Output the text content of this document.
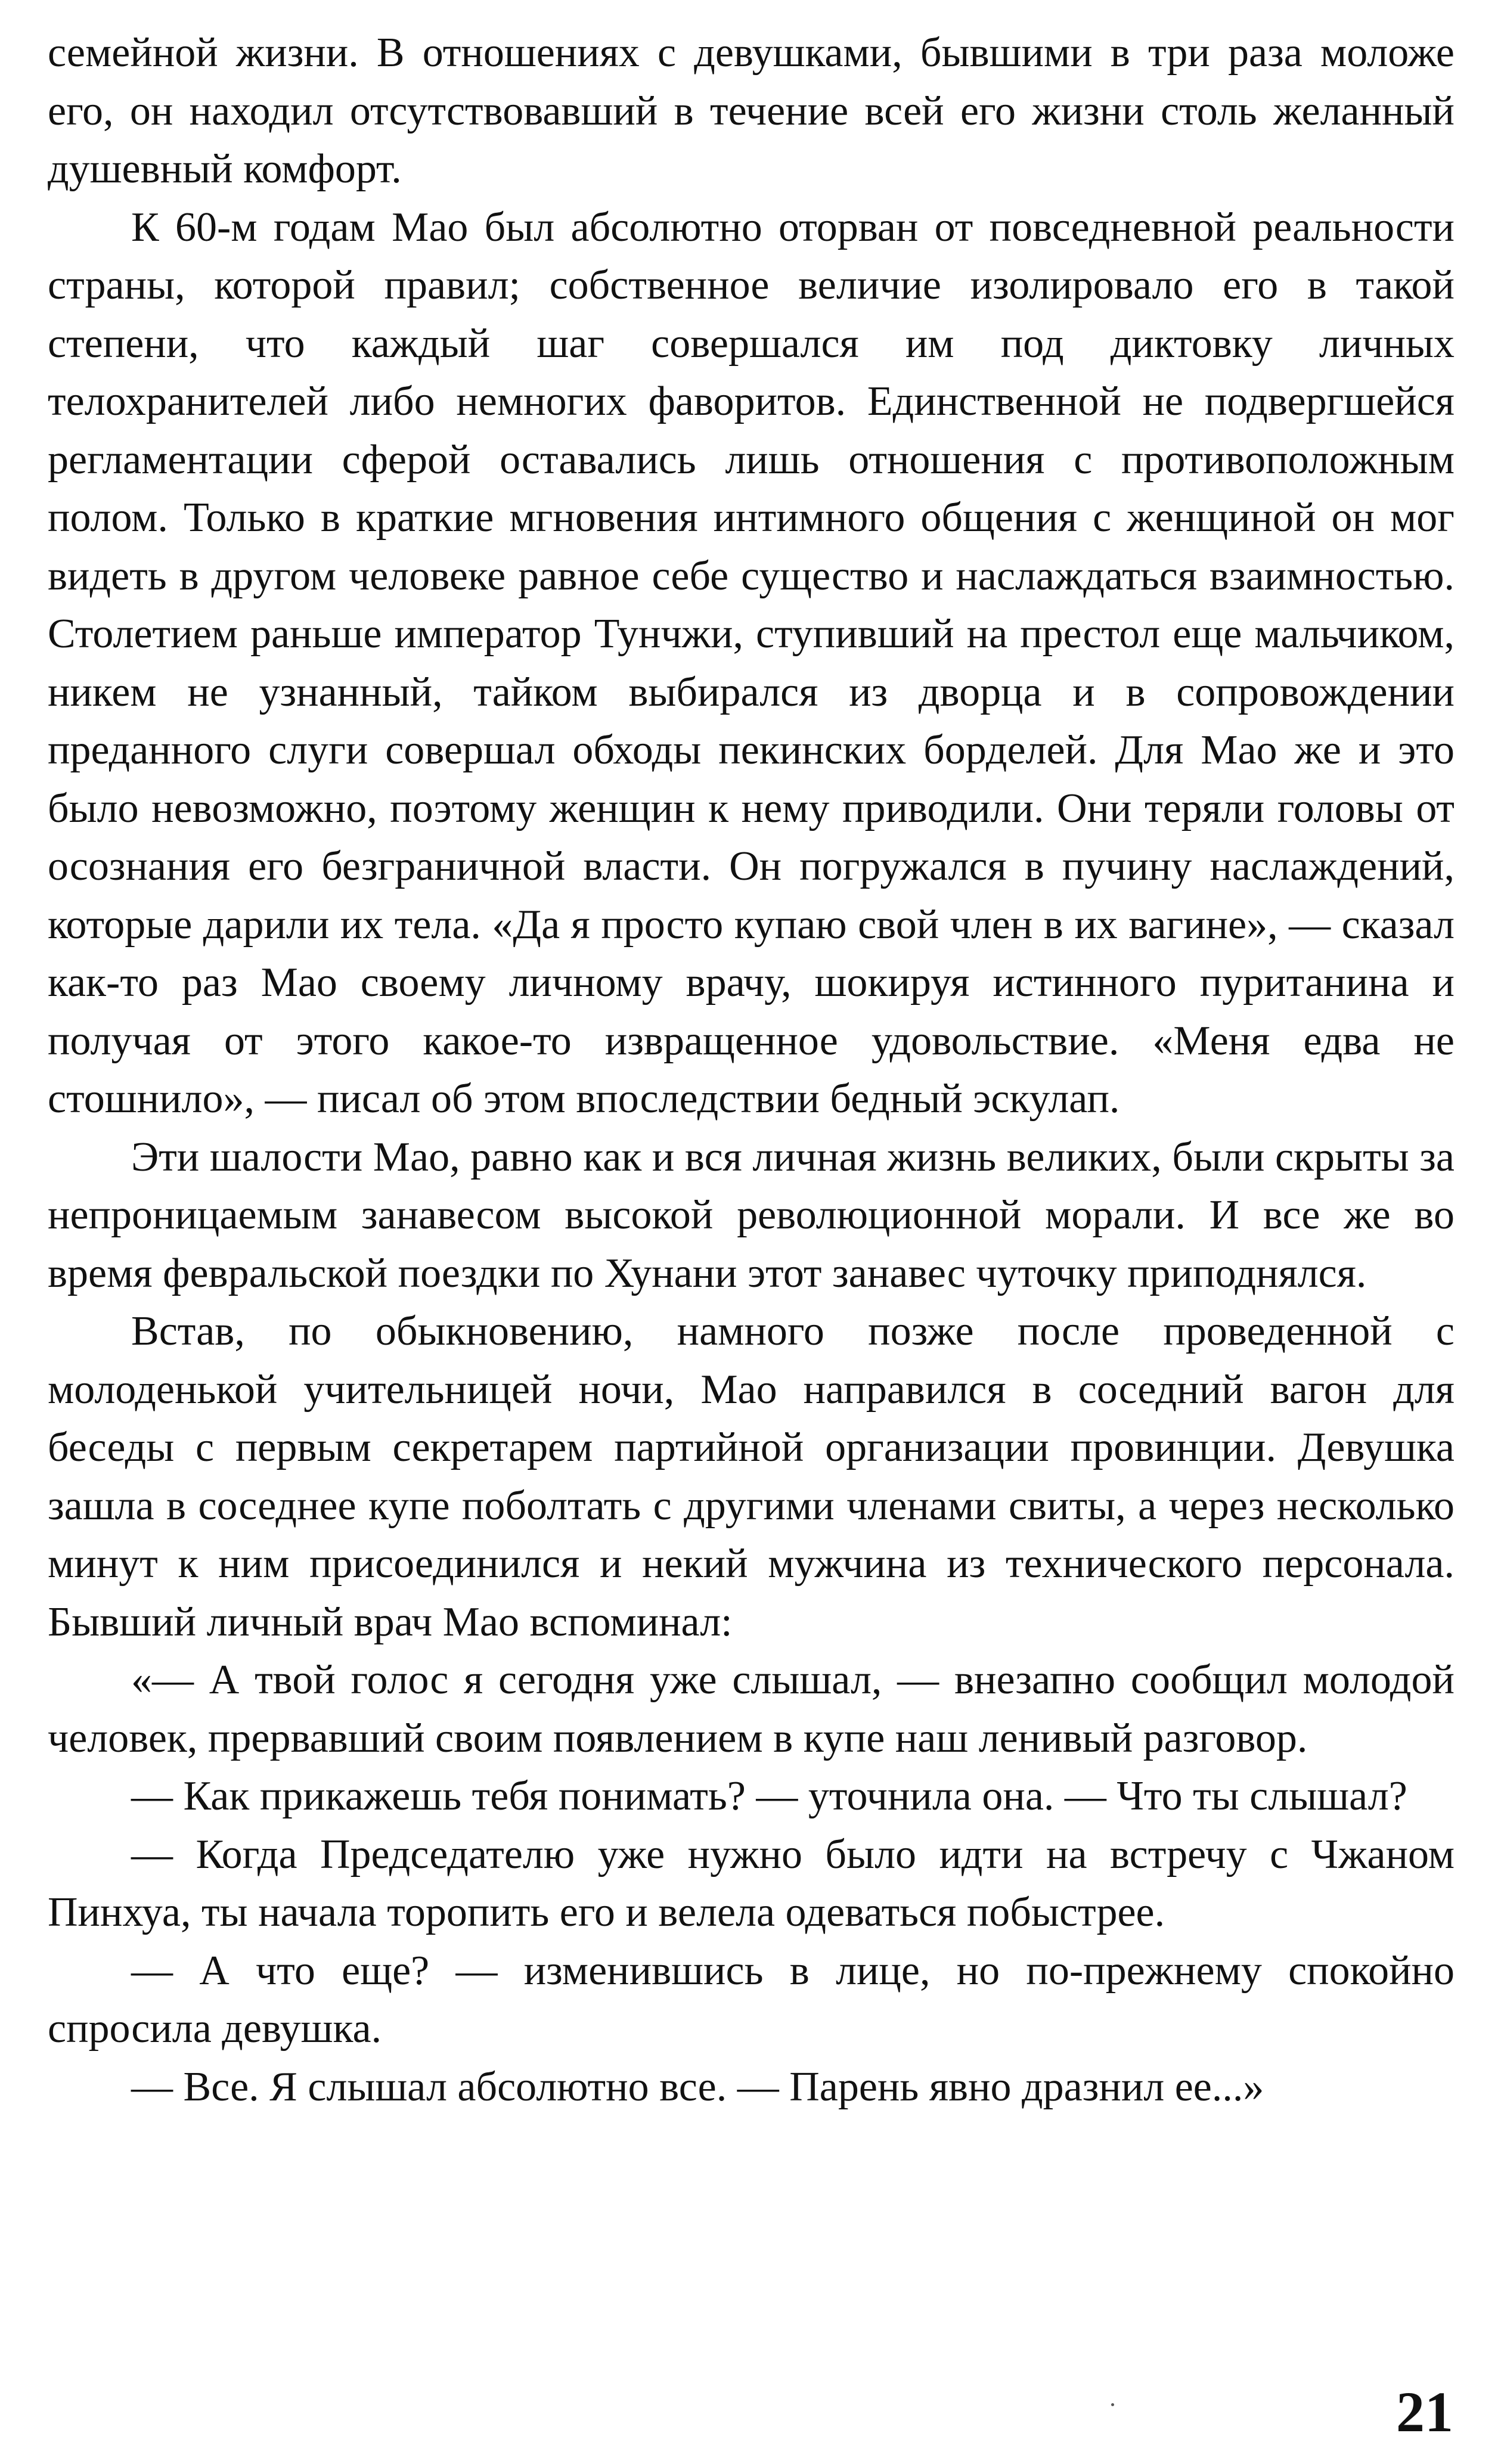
семейной жизни. В отношениях с девушками, бывшими в три раза моложе его, он находил отсутствовавший в течение всей его жизни столь желанный душевный комфорт.

К 60-м годам Мао был абсолютно оторван от повседневной реальности страны, которой правил; собственное величие изолировало его в такой степени, что каждый шаг совершался им под диктовку личных телохранителей либо немногих фаворитов. Единственной не подвергшейся регламентации сферой оставались лишь отношения с противоположным полом. Только в краткие мгновения интимного общения с женщиной он мог видеть в другом человеке равное себе существо и наслаждаться взаимностью. Столетием раньше император Тунчжи, ступивший на престол еще мальчиком, никем не узнанный, тайком выбирался из дворца и в сопровождении преданного слуги совершал обходы пекинских борделей. Для Мао же и это было невозможно, поэтому женщин к нему приводили. Они теряли головы от осознания его безграничной власти. Он погружался в пучину наслаждений, которые дарили их тела. «Да я просто купаю свой член в их вагине», — сказал как-то раз Мао своему личному врачу, шокируя истинного пуританина и получая от этого какое-то извращенное удовольствие. «Меня едва не стошнило», — писал об этом впоследствии бедный эскулап.

Эти шалости Мао, равно как и вся личная жизнь великих, были скрыты за непроницаемым занавесом высокой революционной морали. И все же во время февральской поездки по Хунани этот занавес чуточку приподнялся.

Встав, по обыкновению, намного позже после проведенной с молоденькой учительницей ночи, Мао направился в соседний вагон для беседы с первым секретарем партийной организации провинции. Девушка зашла в соседнее купе поболтать с другими членами свиты, а через несколько минут к ним присоединился и некий мужчина из технического персонала. Бывший личный врач Мао вспоминал:

«— А твой голос я сегодня уже слышал, — внезапно сообщил молодой человек, прервавший своим появлением в купе наш ленивый разговор.

— Как прикажешь тебя понимать? — уточнила она. — Что ты слышал?

— Когда Председателю уже нужно было идти на встречу с Чжаном Пинхуа, ты начала торопить его и велела одеваться побыстрее.

— А что еще? — изменившись в лице, но по-прежнему спокойно спросила девушка.

— Все. Я слышал абсолютно все. — Парень явно дразнил ее...»

21
